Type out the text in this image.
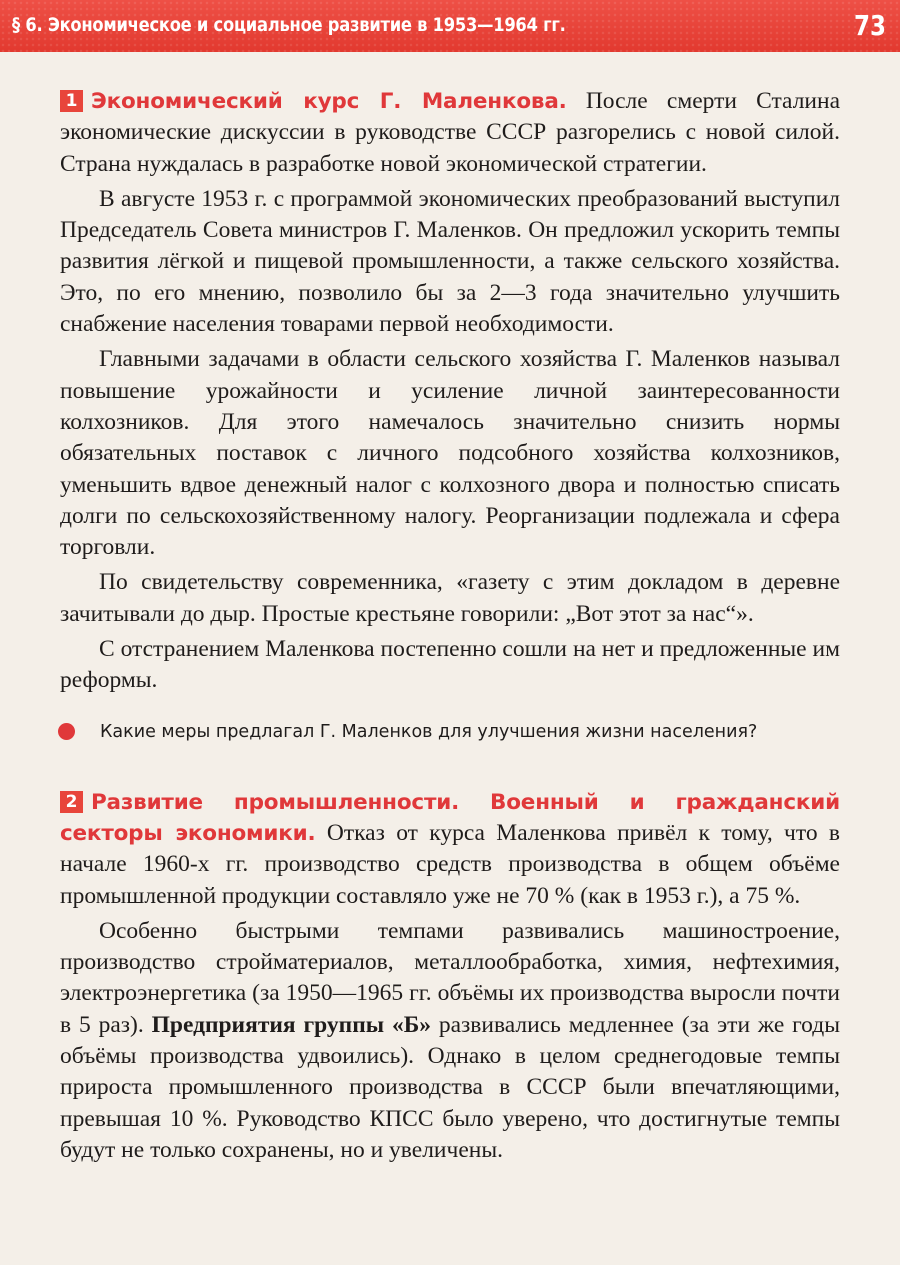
§ 6. Экономическое и социальное развитие в 1953—1964 гг.	73

1 Экономический курс Г. Маленкова. После смерти Сталина экономические дискуссии в руководстве СССР разгорелись с новой силой. Страна нуждалась в разработке новой экономической стратегии.

В августе 1953 г. с программой экономических преобразований выступил Председатель Совета министров Г. Маленков. Он предложил ускорить темпы развития лёгкой и пищевой промышленности, а также сельского хозяйства. Это, по его мнению, позволило бы за 2—3 года значительно улучшить снабжение населения товарами первой необходимости.

Главными задачами в области сельского хозяйства Г. Маленков называл повышение урожайности и усиление личной заинтересованности колхозников. Для этого намечалось значительно снизить нормы обязательных поставок с личного подсобного хозяйства колхозников, уменьшить вдвое денежный налог с колхозного двора и полностью списать долги по сельскохозяйственному налогу. Реорганизации подлежала и сфера торговли.

По свидетельству современника, «газету с этим докладом в деревне зачитывали до дыр. Простые крестьяне говорили: „Вот этот за нас“».

С отстранением Маленкова постепенно сошли на нет и предложенные им реформы.

Какие меры предлагал Г. Маленков для улучшения жизни населения?

2 Развитие промышленности. Военный и гражданский секторы экономики. Отказ от курса Маленкова привёл к тому, что в начале 1960-х гг. производство средств производства в общем объёме промышленной продукции составляло уже не 70 % (как в 1953 г.), а 75 %.

Особенно быстрыми темпами развивались машиностроение, производство стройматериалов, металлообработка, химия, нефтехимия, электроэнергетика (за 1950—1965 гг. объёмы их производства выросли почти в 5 раз). Предприятия группы «Б» развивались медленнее (за эти же годы объёмы производства удвоились). Однако в целом среднегодовые темпы прироста промышленного производства в СССР были впечатляющими, превышая 10 %. Руководство КПСС было уверено, что достигнутые темпы будут не только сохранены, но и увеличены.
